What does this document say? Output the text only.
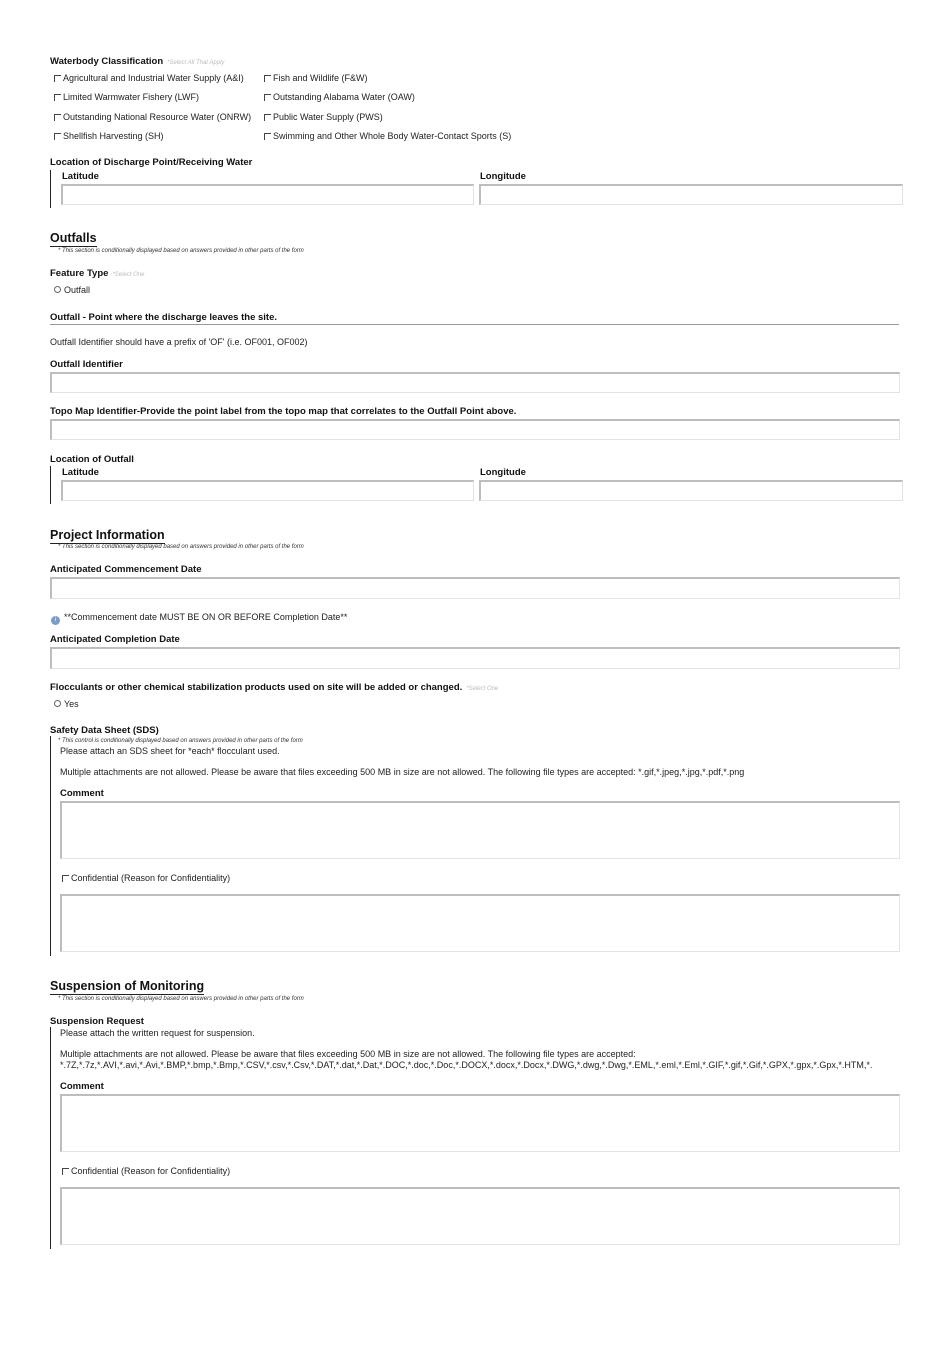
Waterbody Classification *Select All That Apply
Agricultural and Industrial Water Supply (A&I)	Fish and Wildlife (F&W)
Limited Warmwater Fishery (LWF)	Outstanding Alabama Water (OAW)
Outstanding National Resource Water (ONRW)	Public Water Supply (PWS)
Shellfish Harvesting (SH)	Swimming and Other Whole Body Water-Contact Sports (S)
Location of Discharge Point/Receiving Water
Latitude	Longitude
Outfalls
* This section is conditionally displayed based on answers provided in other parts of the form
Feature Type *Select One
Outfall
Outfall - Point where the discharge leaves the site.
Outfall Identifier should have a prefix of 'OF' (i.e. OF001, OF002)
Outfall Identifier
Topo Map Identifier-Provide the point label from the topo map that correlates to the Outfall Point above.
Location of Outfall
Latitude	Longitude
Project Information
* This section is conditionally displayed based on answers provided in other parts of the form
Anticipated Commencement Date
i **Commencement date MUST BE ON OR BEFORE Completion Date**
Anticipated Completion Date
Flocculants or other chemical stabilization products used on site will be added or changed. *Select One
Yes
Safety Data Sheet (SDS)
* This control is conditionally displayed based on answers provided in other parts of the form
Please attach an SDS sheet for *each* flocculant used.
Multiple attachments are not allowed. Please be aware that files exceeding 500 MB in size are not allowed. The following file types are accepted: *.gif,*.jpeg,*.jpg,*.pdf,*.png
Comment
Confidential (Reason for Confidentiality)
Suspension of Monitoring
* This section is conditionally displayed based on answers provided in other parts of the form
Suspension Request
Please attach the written request for suspension.
Multiple attachments are not allowed. Please be aware that files exceeding 500 MB in size are not allowed. The following file types are accepted:
*.7Z,*.7z,*.AVI,*.avi,*.Avi,*.BMP,*.bmp,*.Bmp,*.CSV,*.csv,*.Csv,*.DAT,*.dat,*.Dat,*.DOC,*.doc,*.Doc,*.DOCX,*.docx,*.Docx,*.DWG,*.dwg,*.Dwg,*.EML,*.eml,*.Eml,*.GIF,*.gif,*.Gif,*.GPX,*.gpx,*.Gpx,*.HTM,*.
Comment
Confidential (Reason for Confidentiality)
